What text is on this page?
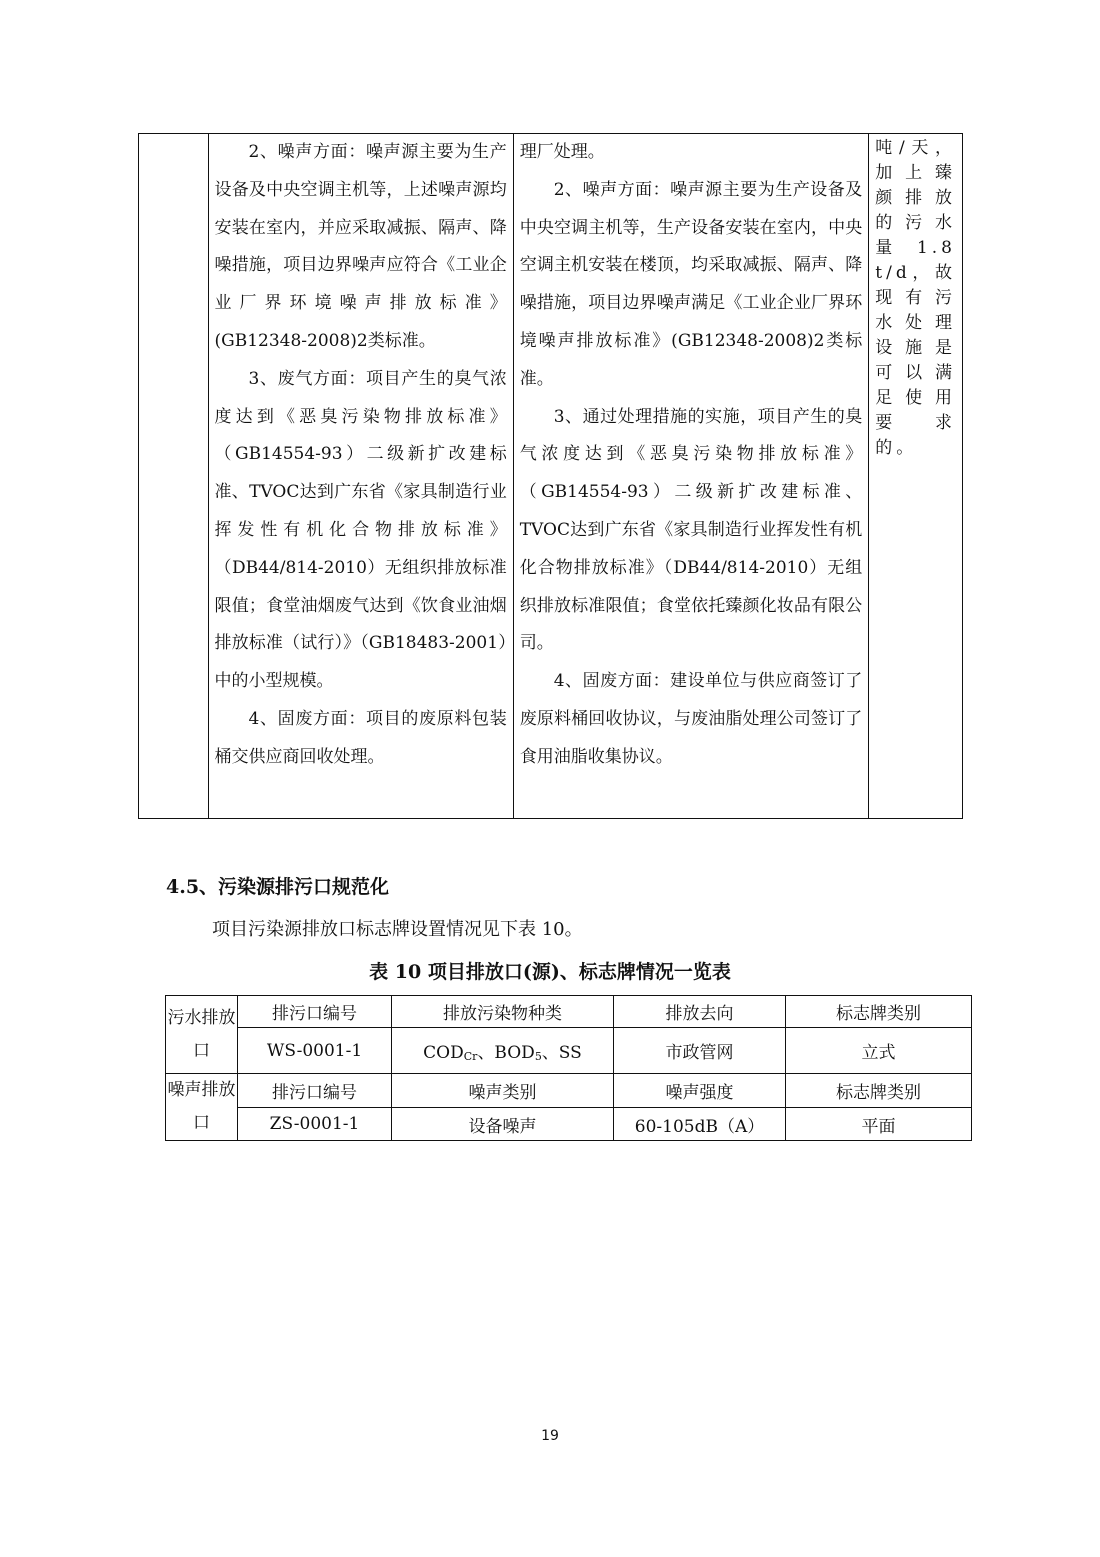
2、噪声方面：噪声源主要为生产设备及中央空调主机等，上述噪声源均安装在室内，并应采取减振、隔声、降噪措施，项目边界噪声应符合《工业企业厂界环境噪声排放标准》(GB12348-2008)2类标准。

3、废气方面：项目产生的臭气浓度达到《恶臭污染物排放标准》（GB14554-93）二级新扩改建标准、TVOC达到广东省《家具制造行业挥发性有机化合物排放标准》（DB44/814-2010）无组织排放标准限值；食堂油烟废气达到《饮食业油烟排放标准（试行）》（GB18483-2001）中的小型规模。

4、固废方面：项目的废原料包装桶交供应商回收处理。

理厂处理。

2、噪声方面：噪声源主要为生产设备及中央空调主机等，生产设备安装在室内，中央空调主机安装在楼顶，均采取减振、隔声、降噪措施，项目边界噪声满足《工业企业厂界环境噪声排放标准》(GB12348-2008)2类标准。

3、通过处理措施的实施，项目产生的臭气浓度达到《恶臭污染物排放标准》（GB14554-93）二级新扩改建标准、TVOC达到广东省《家具制造行业挥发性有机化合物排放标准》（DB44/814-2010）无组织排放标准限值；食堂依托臻颜化妆品有限公司。

4、固废方面：建设单位与供应商签订了废原料桶回收协议，与废油脂处理公司签订了食用油脂收集协议。

吨/天，加上臻颜排放的污水量1.8 t/d，故现有污水处理设施是可以满足使用要求的。
4.5、污染源排污口规范化
项目污染源排放口标志牌设置情况见下表 10。
表 10 项目排放口(源)、标志牌情况一览表
污水排放口	排污口编号	排放污染物种类	排放去向	标志牌类别
	WS-0001-1	CODCr、BOD5、SS	市政管网	立式
噪声排放口	排污口编号	噪声类别	噪声强度	标志牌类别
	ZS-0001-1	设备噪声	60-105dB（A）	平面
19
